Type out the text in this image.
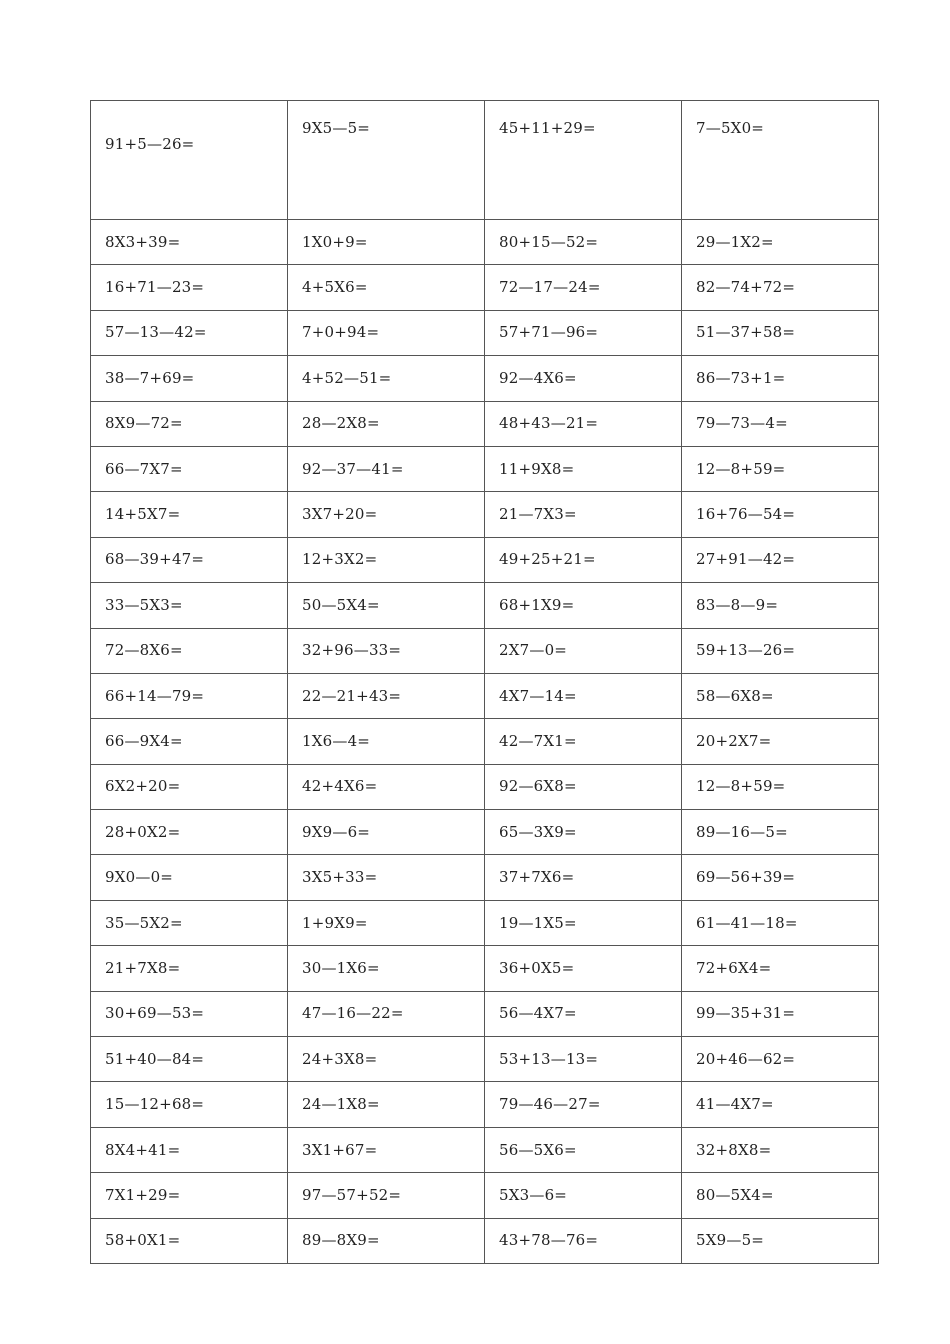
91+5—26=	9X5—5=	45+11+29=	7—5X0=
8X3+39=	1X0+9=	80+15—52=	29—1X2=
16+71—23=	4+5X6=	72—17—24=	82—74+72=
57—13—42=	7+0+94=	57+71—96=	51—37+58=
38—7+69=	4+52—51=	92—4X6=	86—73+1=
8X9—72=	28—2X8=	48+43—21=	79—73—4=
66—7X7=	92—37—41=	11+9X8=	12—8+59=
14+5X7=	3X7+20=	21—7X3=	16+76—54=
68—39+47=	12+3X2=	49+25+21=	27+91—42=
33—5X3=	50—5X4=	68+1X9=	83—8—9=
72—8X6=	32+96—33=	2X7—0=	59+13—26=
66+14—79=	22—21+43=	4X7—14=	58—6X8=
66—9X4=	1X6—4=	42—7X1=	20+2X7=
6X2+20=	42+4X6=	92—6X8=	12—8+59=
28+0X2=	9X9—6=	65—3X9=	89—16—5=
9X0—0=	3X5+33=	37+7X6=	69—56+39=
35—5X2=	1+9X9=	19—1X5=	61—41—18=
21+7X8=	30—1X6=	36+0X5=	72+6X4=
30+69—53=	47—16—22=	56—4X7=	99—35+31=
51+40—84=	24+3X8=	53+13—13=	20+46—62=
15—12+68=	24—1X8=	79—46—27=	41—4X7=
8X4+41=	3X1+67=	56—5X6=	32+8X8=
7X1+29=	97—57+52=	5X3—6=	80—5X4=
58+0X1=	89—8X9=	43+78—76=	5X9—5=
